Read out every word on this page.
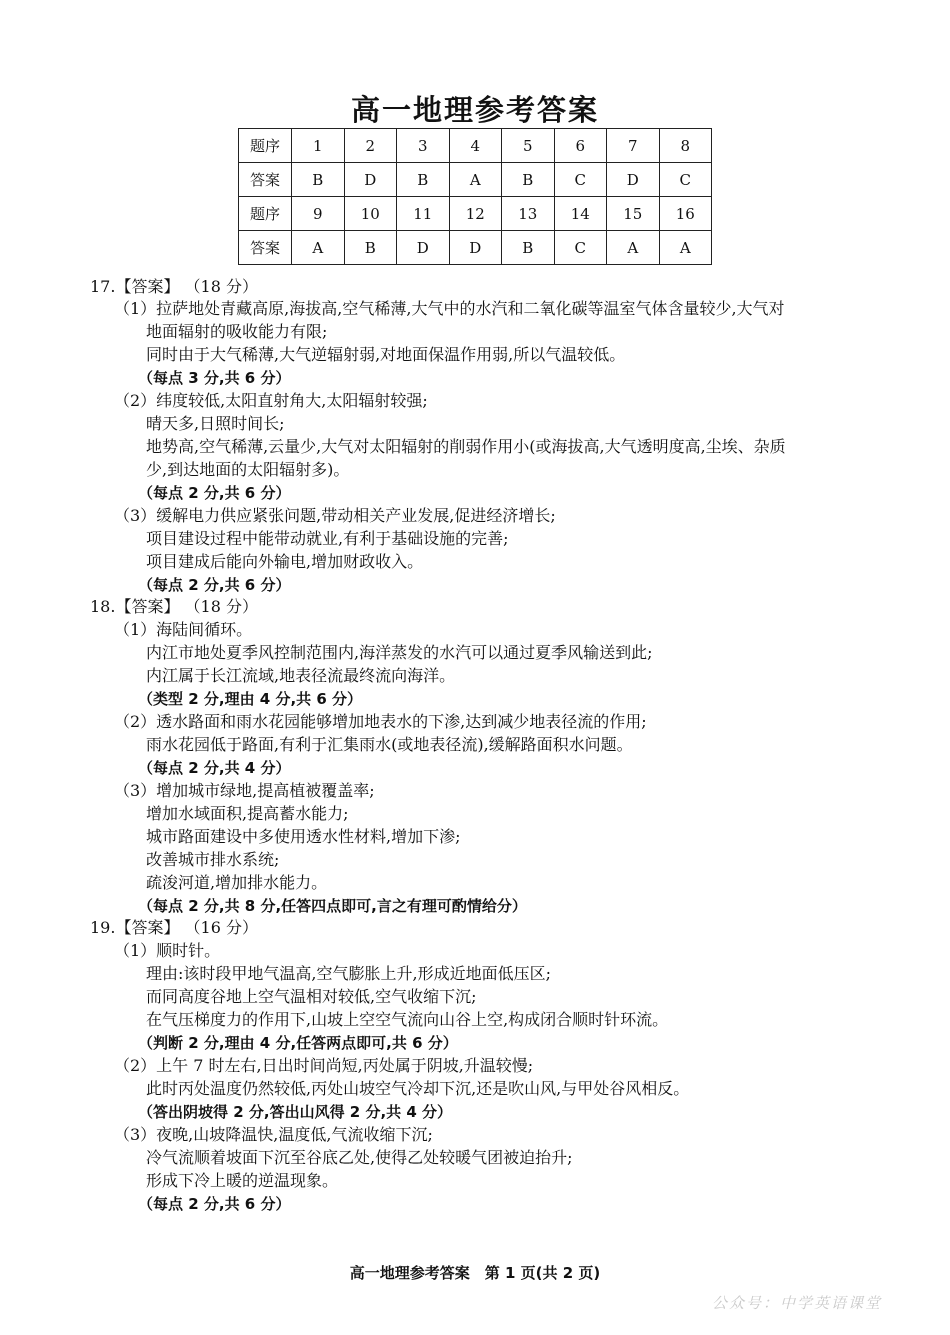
高一地理参考答案
题序	1	2	3	4	5	6	7	8
答案	B	D	B	A	B	C	D	C
题序	9	10	11	12	13	14	15	16
答案	A	B	D	D	B	C	A	A
17.【答案】 （18 分）
（1）拉萨地处青藏高原,海拔高,空气稀薄,大气中的水汽和二氧化碳等温室气体含量较少,大气对
地面辐射的吸收能力有限;
同时由于大气稀薄,大气逆辐射弱,对地面保温作用弱,所以气温较低。
（每点 3 分,共 6 分）
（2）纬度较低,太阳直射角大,太阳辐射较强;
晴天多,日照时间长;
地势高,空气稀薄,云量少,大气对太阳辐射的削弱作用小(或海拔高,大气透明度高,尘埃、杂质
少,到达地面的太阳辐射多)。
（每点 2 分,共 6 分）
（3）缓解电力供应紧张问题,带动相关产业发展,促进经济增长;
项目建设过程中能带动就业,有利于基础设施的完善;
项目建成后能向外输电,增加财政收入。
（每点 2 分,共 6 分）
18.【答案】 （18 分）
（1）海陆间循环。
内江市地处夏季风控制范围内,海洋蒸发的水汽可以通过夏季风输送到此;
内江属于长江流域,地表径流最终流向海洋。
（类型 2 分,理由 4 分,共 6 分）
（2）透水路面和雨水花园能够增加地表水的下渗,达到减少地表径流的作用;
雨水花园低于路面,有利于汇集雨水(或地表径流),缓解路面积水问题。
（每点 2 分,共 4 分）
（3）增加城市绿地,提高植被覆盖率;
增加水域面积,提高蓄水能力;
城市路面建设中多使用透水性材料,增加下渗;
改善城市排水系统;
疏浚河道,增加排水能力。
（每点 2 分,共 8 分,任答四点即可,言之有理可酌情给分）
19.【答案】 （16 分）
（1）顺时针。
理由:该时段甲地气温高,空气膨胀上升,形成近地面低压区;
而同高度谷地上空气温相对较低,空气收缩下沉;
在气压梯度力的作用下,山坡上空空气流向山谷上空,构成闭合顺时针环流。
（判断 2 分,理由 4 分,任答两点即可,共 6 分）
（2）上午 7 时左右,日出时间尚短,丙处属于阴坡,升温较慢;
此时丙处温度仍然较低,丙处山坡空气冷却下沉,还是吹山风,与甲处谷风相反。
（答出阴坡得 2 分,答出山风得 2 分,共 4 分）
（3）夜晚,山坡降温快,温度低,气流收缩下沉;
冷气流顺着坡面下沉至谷底乙处,使得乙处较暖气团被迫抬升;
形成下冷上暖的逆温现象。
（每点 2 分,共 6 分）
高一地理参考答案　第 1 页(共 2 页)
公众号：中学英语课堂
